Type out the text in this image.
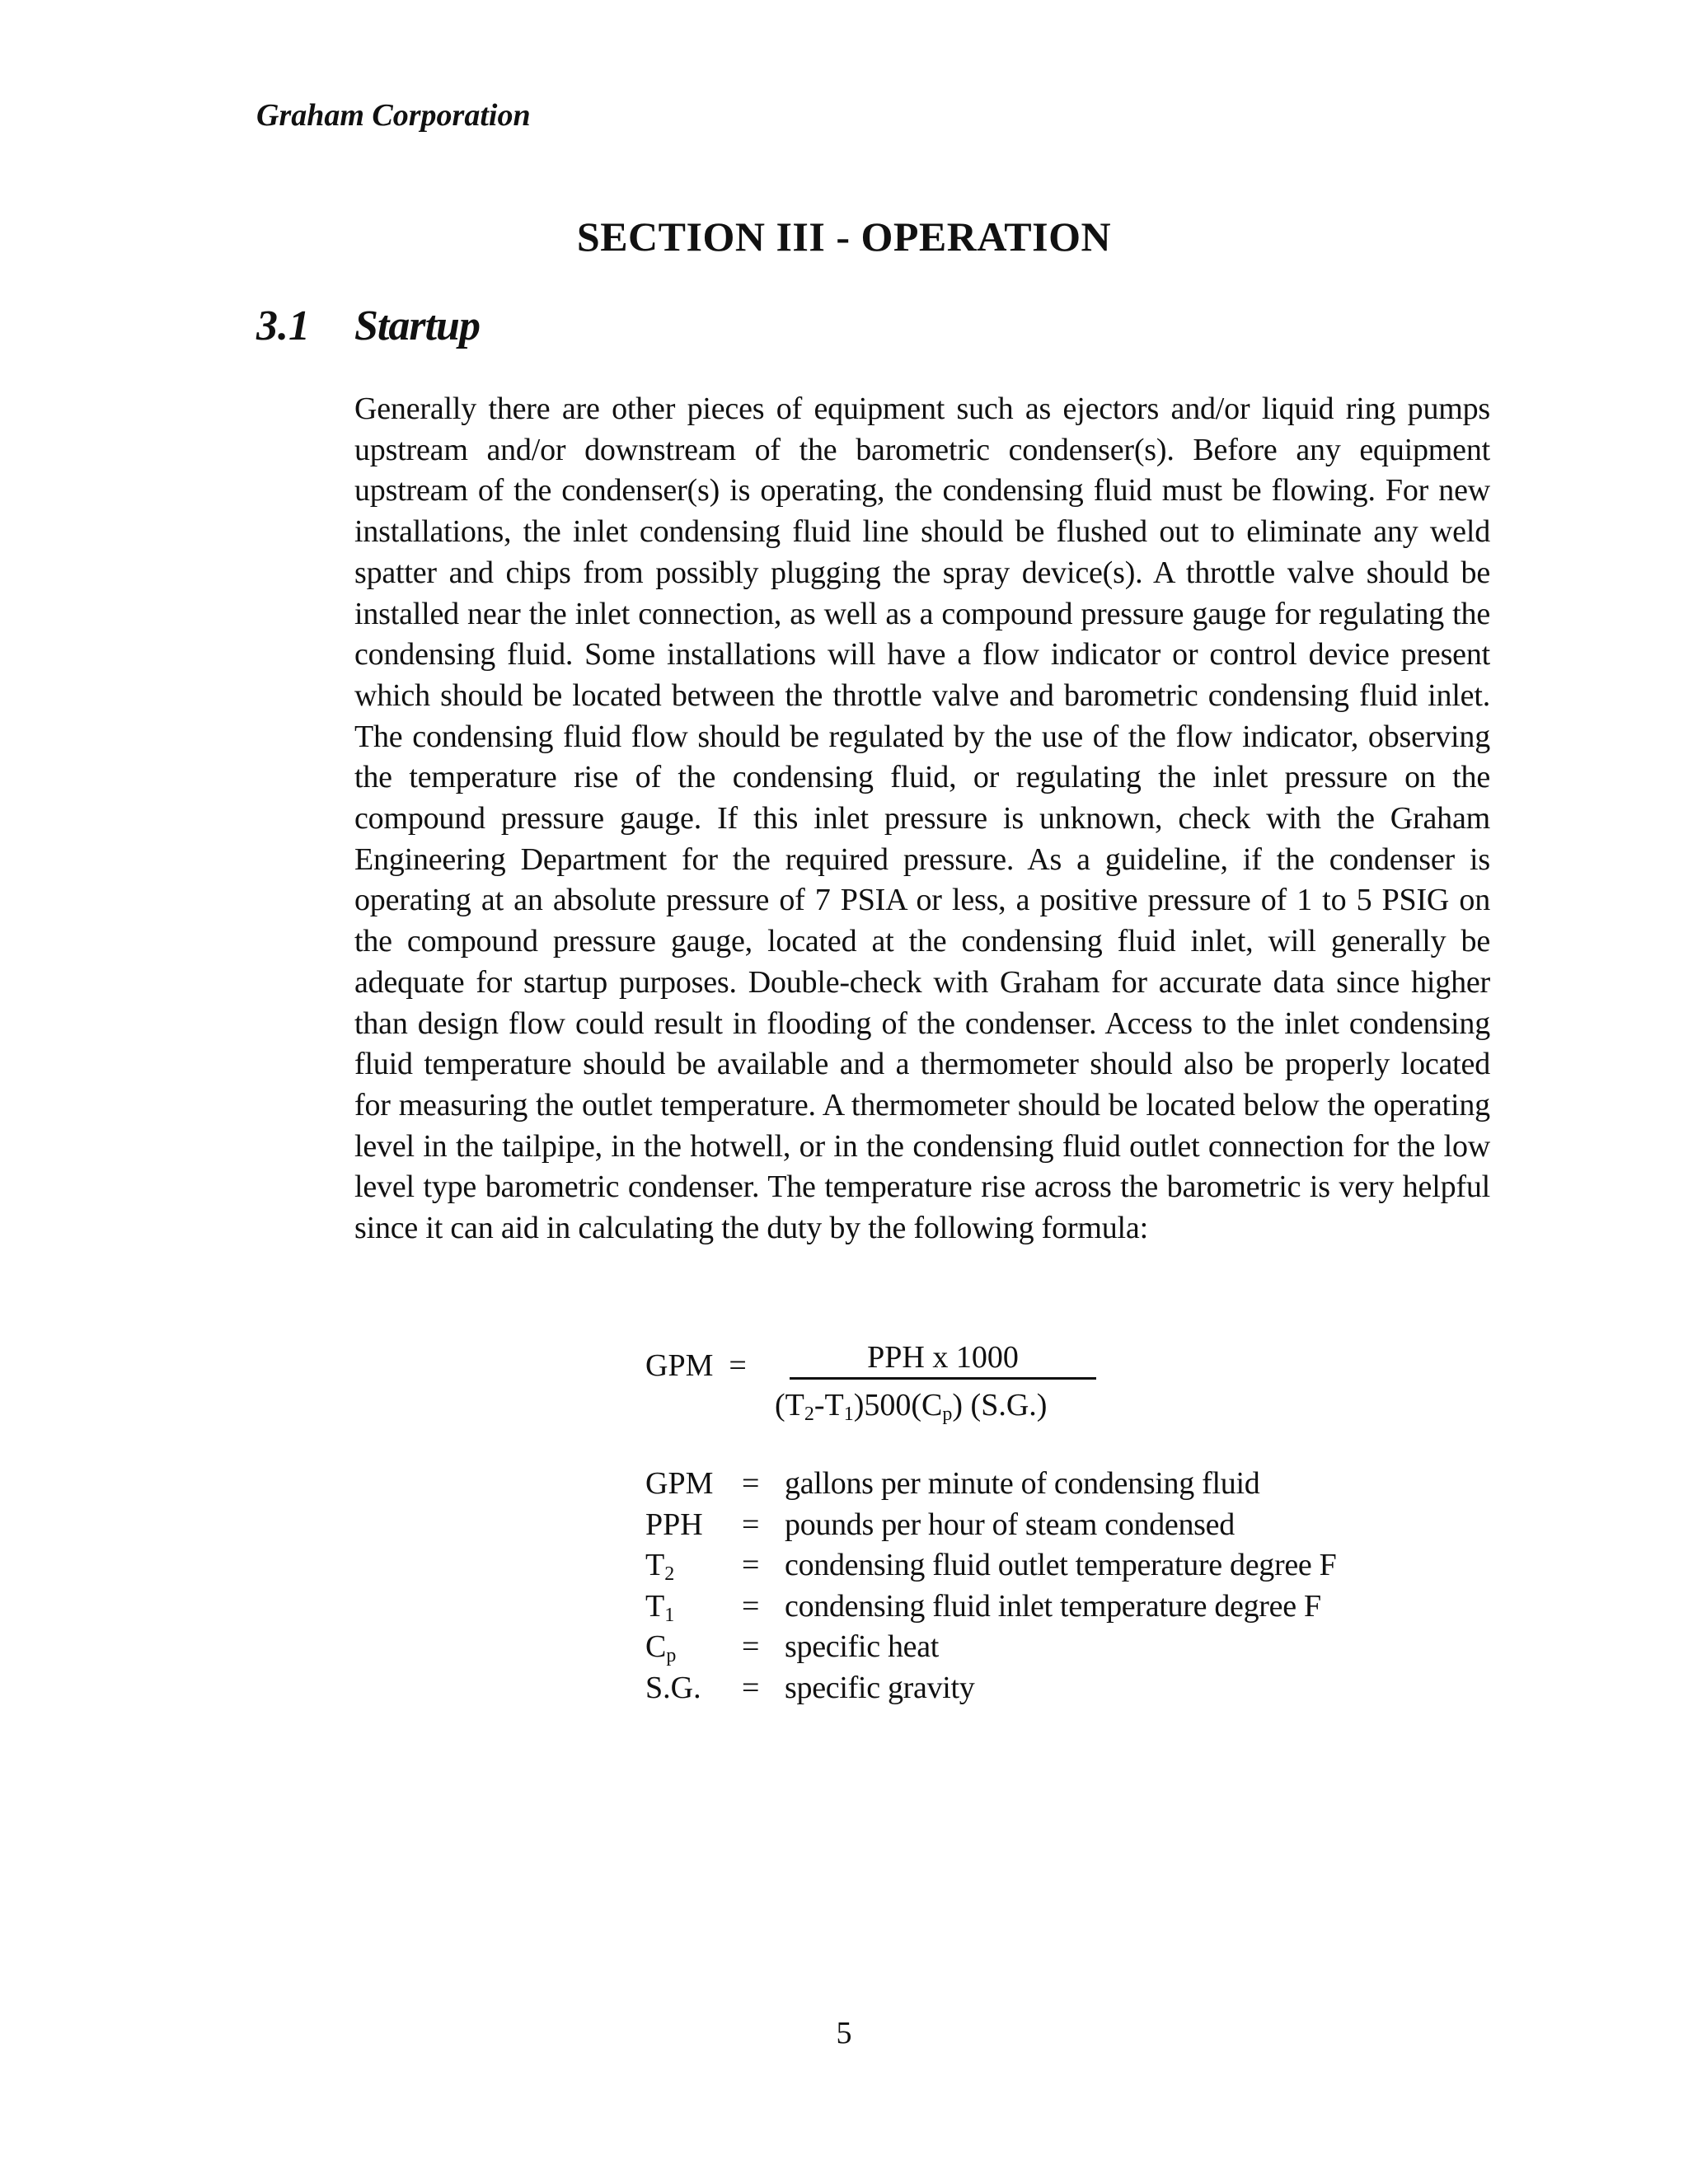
Graham Corporation
SECTION III - OPERATION
3.1 Startup
Generally there are other pieces of equipment such as ejectors and/or liquid ring pumps upstream and/or downstream of the barometric condenser(s). Before any equipment upstream of the condenser(s) is operating, the condensing fluid must be flowing. For new installations, the inlet condensing fluid line should be flushed out to eliminate any weld spatter and chips from possibly plugging the spray device(s). A throttle valve should be installed near the inlet connection, as well as a compound pressure gauge for regulating the condensing fluid. Some installations will have a flow indicator or control device present which should be located between the throttle valve and barometric condensing fluid inlet. The condensing fluid flow should be regulated by the use of the flow indicator, observing the temperature rise of the condensing fluid, or regulating the inlet pressure on the compound pressure gauge. If this inlet pressure is unknown, check with the Graham Engineering Department for the required pressure. As a guideline, if the condenser is operating at an absolute pressure of 7 PSIA or less, a positive pressure of 1 to 5 PSIG on the compound pressure gauge, located at the condensing fluid inlet, will generally be adequate for startup purposes. Double-check with Graham for accurate data since higher than design flow could result in flooding of the condenser. Access to the inlet condensing fluid temperature should be available and a thermometer should also be properly located for measuring the outlet temperature. A thermometer should be located below the operating level in the tailpipe, in the hotwell, or in the condensing fluid outlet connection for the low level type barometric condenser. The temperature rise across the barometric is very helpful since it can aid in calculating the duty by the following formula:
GPM =	PPH x 1000
$(T_2-T_1)500(C_p)$ (S.G.)
GPM = gallons per minute of condensing fluid
PPH = pounds per hour of steam condensed
$T_2$ = condensing fluid outlet temperature degree F
$T_1$ = condensing fluid inlet temperature degree F
$C_p$ = specific heat
S.G. = specific gravity
5
